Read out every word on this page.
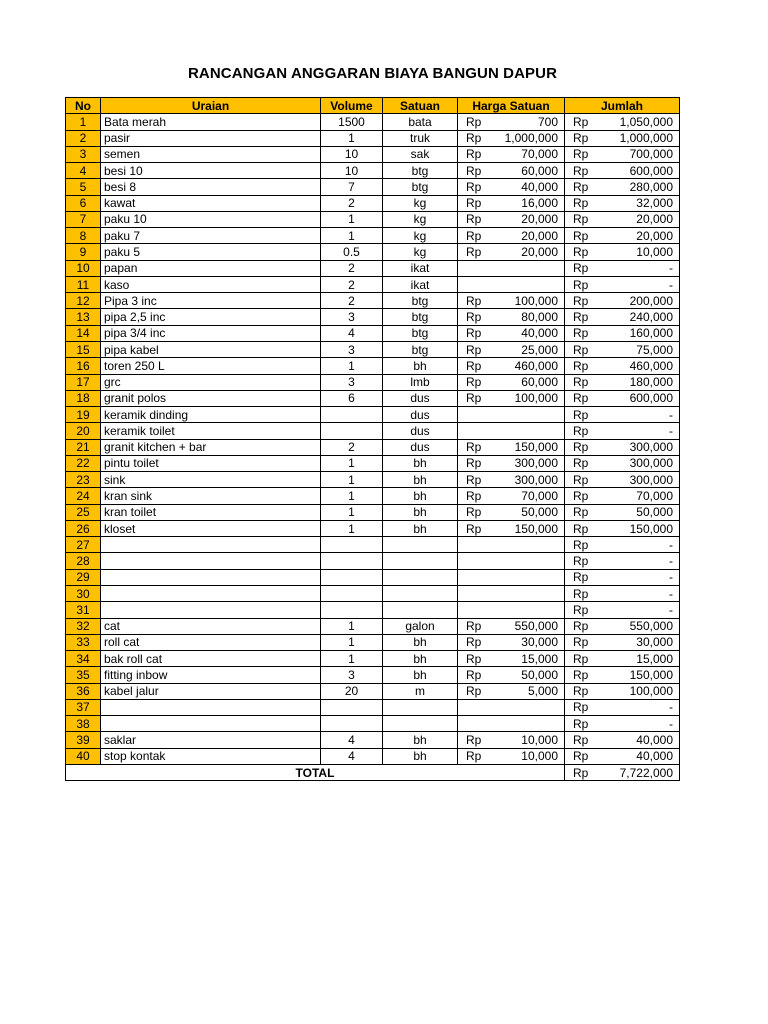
RANCANGAN ANGGARAN BIAYA BANGUN DAPUR
No	Uraian	Volume	Satuan	Harga Satuan	Jumlah
1	Bata merah	1500	bata	Rp 700	Rp 1,050,000

2	pasir	1	truk	Rp 1,000,000	Rp 1,000,000

3	semen	10	sak	Rp 70,000	Rp 700,000

4	besi 10	10	btg	Rp 60,000	Rp 600,000

5	besi 8	7	btg	Rp 40,000	Rp 280,000

6	kawat	2	kg	Rp 16,000	Rp 32,000

7	paku 10	1	kg	Rp 20,000	Rp 20,000

8	paku 7	1	kg	Rp 20,000	Rp 20,000

9	paku 5	0.5	kg	Rp 20,000	Rp 10,000

10	papan	2	ikat		Rp -

11	kaso	2	ikat		Rp -

12	Pipa 3 inc	2	btg	Rp 100,000	Rp 200,000

13	pipa 2,5 inc	3	btg	Rp 80,000	Rp 240,000

14	pipa 3/4 inc	4	btg	Rp 40,000	Rp 160,000

15	pipa kabel	3	btg	Rp 25,000	Rp 75,000

16	toren 250 L	1	bh	Rp 460,000	Rp 460,000

17	grc	3	lmb	Rp 60,000	Rp 180,000

18	granit polos	6	dus	Rp 100,000	Rp 600,000

19	keramik dinding		dus		Rp -

20	keramik toilet		dus		Rp -

21	granit kitchen + bar	2	dus	Rp 150,000	Rp 300,000

22	pintu toilet	1	bh	Rp 300,000	Rp 300,000

23	sink	1	bh	Rp 300,000	Rp 300,000

24	kran sink	1	bh	Rp 70,000	Rp 70,000

25	kran toilet	1	bh	Rp 50,000	Rp 50,000

26	kloset	1	bh	Rp 150,000	Rp 150,000

27					Rp -

28					Rp -

29					Rp -

30					Rp -

31					Rp -

32	cat	1	galon	Rp 550,000	Rp 550,000

33	roll cat	1	bh	Rp 30,000	Rp 30,000

34	bak roll cat	1	bh	Rp 15,000	Rp 15,000

35	fitting inbow	3	bh	Rp 50,000	Rp 150,000

36	kabel jalur	20	m	Rp 5,000	Rp 100,000

37					Rp -

38					Rp -

39	saklar	4	bh	Rp 10,000	Rp 40,000

40	stop kontak	4	bh	Rp 10,000	Rp 40,000

TOTAL					Rp 7,722,000
